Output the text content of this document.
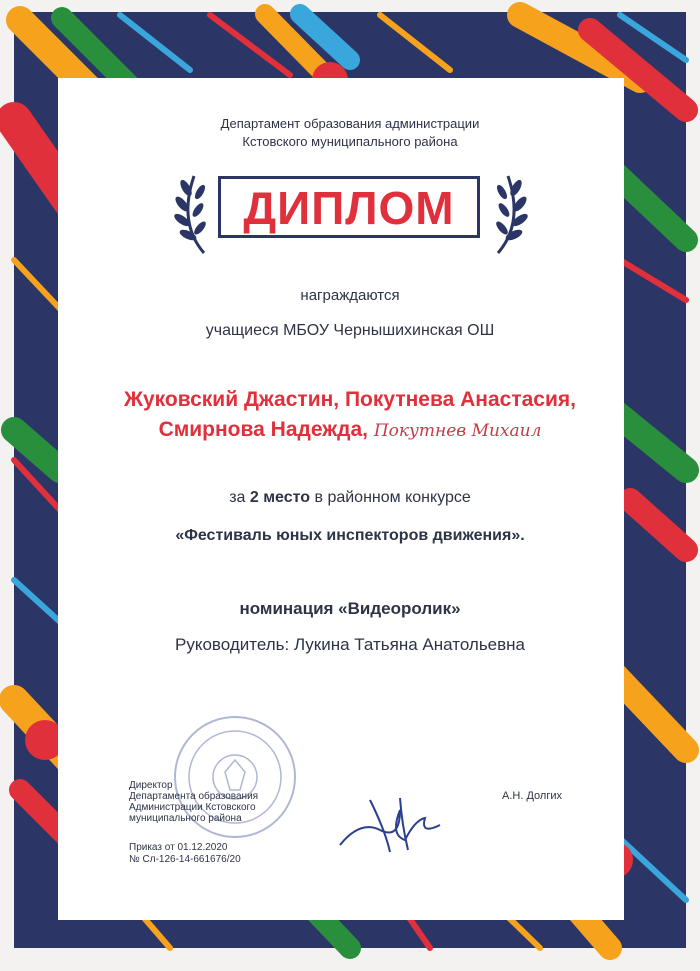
Департамент образования администрации
Кстовского муниципального района
ДИПЛОМ
награждаются
учащиеся МБОУ Чернышихинская ОШ
Жуковский Джастин, Покутнева Анастасия,
Смирнова Надежда, Покутнев Михаил
за 2 место в районном конкурсе
«Фестиваль юных инспекторов движения».
номинация «Видеоролик»
Руководитель: Лукина Татьяна Анатольевна
Директор
Департамента образования
Администрации Кстовского
муниципального района
Приказ от 01.12.2020
№ Сл-126-14-661676/20
А.Н. Долгих
